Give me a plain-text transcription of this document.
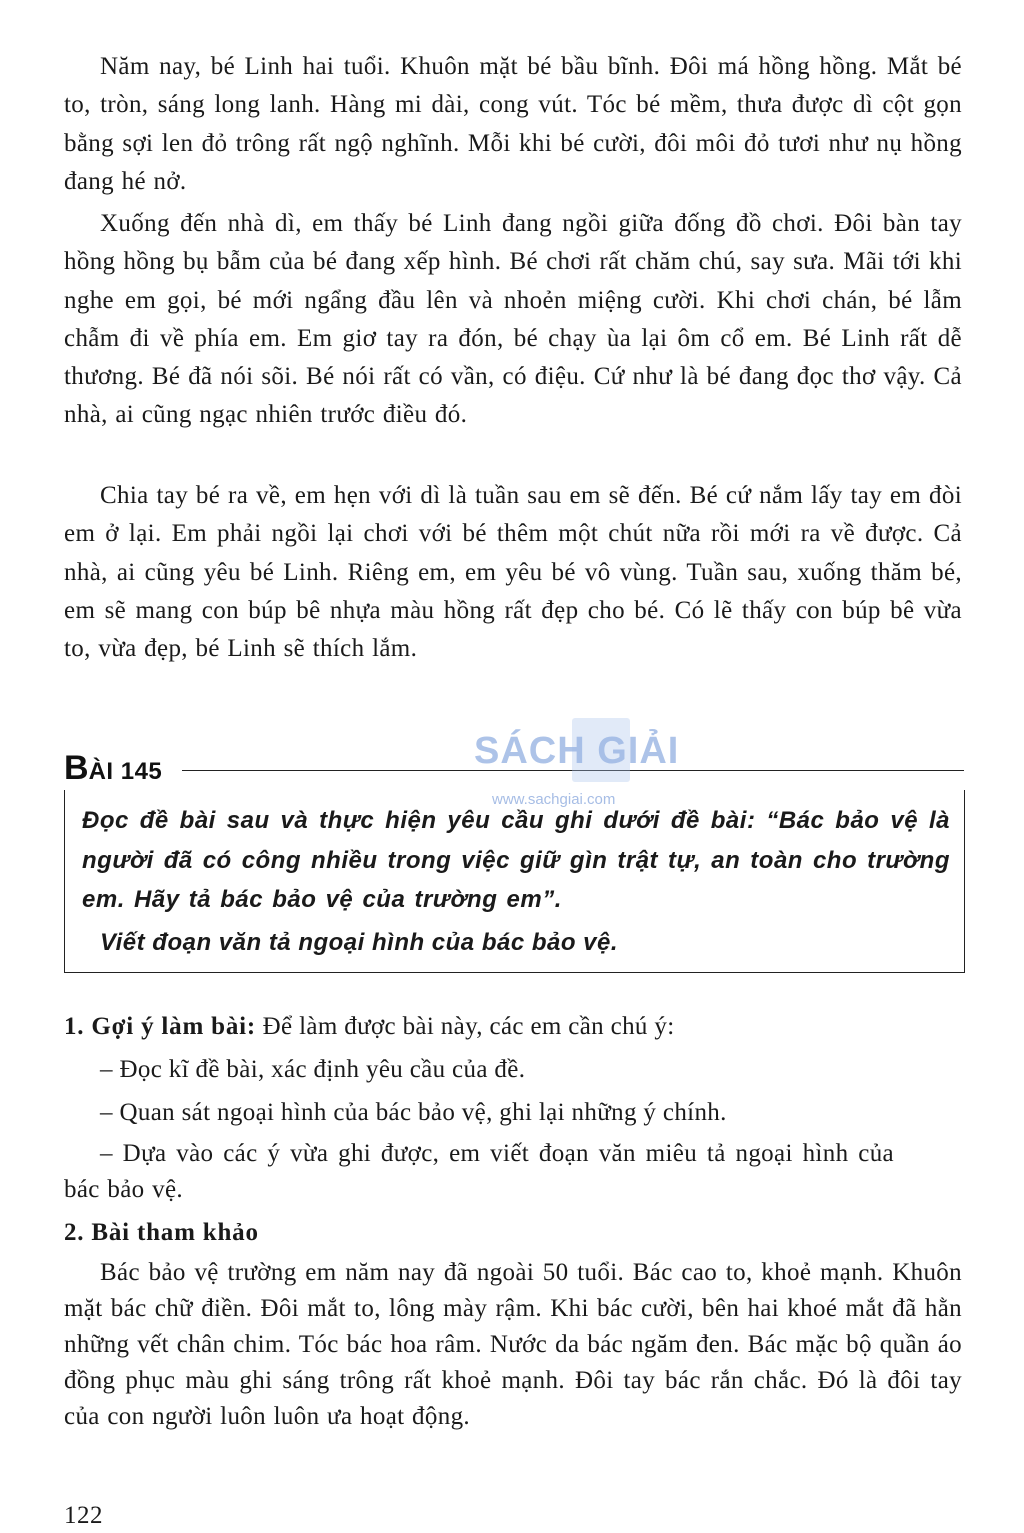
Năm nay, bé Linh hai tuổi. Khuôn mặt bé bầu bĩnh. Đôi má hồng hồng. Mắt bé to, tròn, sáng long lanh. Hàng mi dài, cong vút. Tóc bé mềm, thưa được dì cột gọn bằng sợi len đỏ trông rất ngộ nghĩnh. Mỗi khi bé cười, đôi môi đỏ tươi như nụ hồng đang hé nở.

Xuống đến nhà dì, em thấy bé Linh đang ngồi giữa đống đồ chơi. Đôi bàn tay hồng hồng bụ bẫm của bé đang xếp hình. Bé chơi rất chăm chú, say sưa. Mãi tới khi nghe em gọi, bé mới ngẩng đầu lên và nhoẻn miệng cười. Khi chơi chán, bé lẫm chẫm đi về phía em. Em giơ tay ra đón, bé chạy ùa lại ôm cổ em. Bé Linh rất dễ thương. Bé đã nói sõi. Bé nói rất có vần, có điệu. Cứ như là bé đang đọc thơ vậy. Cả nhà, ai cũng ngạc nhiên trước điều đó.

Chia tay bé ra về, em hẹn với dì là tuần sau em sẽ đến. Bé cứ nắm lấy tay em đòi em ở lại. Em phải ngồi lại chơi với bé thêm một chút nữa rồi mới ra về được. Cả nhà, ai cũng yêu bé Linh. Riêng em, em yêu bé vô vùng. Tuần sau, xuống thăm bé, em sẽ mang con búp bê nhựa màu hồng rất đẹp cho bé. Có lẽ thấy con búp bê vừa to, vừa đẹp, bé Linh sẽ thích lắm.

BÀI 145

Đọc đề bài sau và thực hiện yêu cầu ghi dưới đề bài: “Bác bảo vệ là người đã có công nhiều trong việc giữ gìn trật tự, an toàn cho trường em. Hãy tả bác bảo vệ của trường em”.

Viết đoạn văn tả ngoại hình của bác bảo vệ.

SÁCH GIẢI
www.sachgiai.com

1. Gợi ý làm bài: Để làm được bài này, các em cần chú ý:

– Đọc kĩ đề bài, xác định yêu cầu của đề.

– Quan sát ngoại hình của bác bảo vệ, ghi lại những ý chính.

– Dựa vào các ý vừa ghi được, em viết đoạn văn miêu tả ngoại hình của bác bảo vệ.

2. Bài tham khảo

Bác bảo vệ trường em năm nay đã ngoài 50 tuổi. Bác cao to, khoẻ mạnh. Khuôn mặt bác chữ điền. Đôi mắt to, lông mày rậm. Khi bác cười, bên hai khoé mắt đã hằn những vết chân chim. Tóc bác hoa râm. Nước da bác ngăm đen. Bác mặc bộ quần áo đồng phục màu ghi sáng trông rất khoẻ mạnh. Đôi tay bác rắn chắc. Đó là đôi tay của con người luôn luôn ưa hoạt động.

122
